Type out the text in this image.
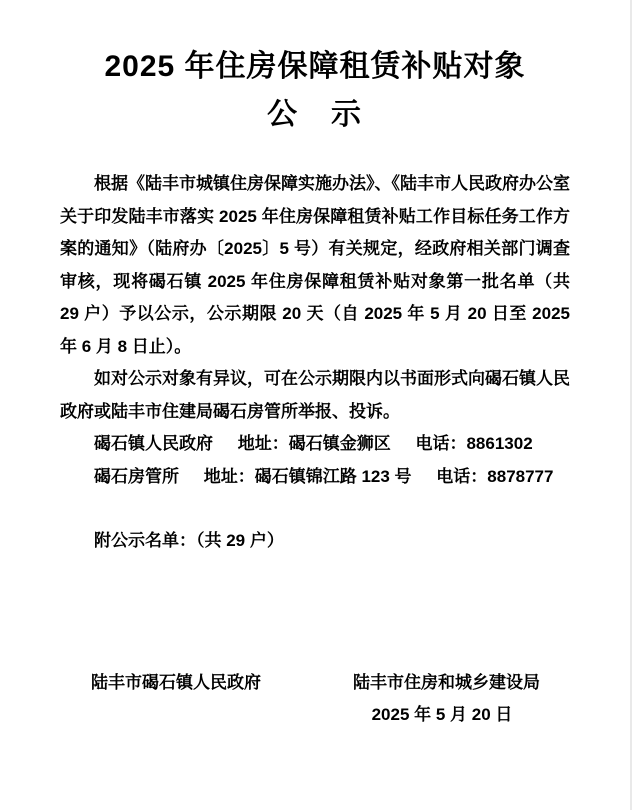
2025 年住房保障租赁补贴对象
公　示

根据《陆丰市城镇住房保障实施办法》、《陆丰市人民政府办公室关于印发陆丰市落实 2025 年住房保障租赁补贴工作目标任务工作方案的通知》（陆府办〔2025〕5 号）有关规定，经政府相关部门调查审核，现将碣石镇 2025 年住房保障租赁补贴对象第一批名单（共 29 户）予以公示，公示期限 20 天（自 2025 年 5 月 20 日至 2025 年 6 月 8 日止）。

如对公示对象有异议，可在公示期限内以书面形式向碣石镇人民政府或陆丰市住建局碣石房管所举报、投诉。

碣石镇人民政府 地址：碣石镇金狮区 电话：8861302
碣石房管所 地址：碣石镇锦江路 123 号 电话：8878777
附公示名单：（共 29 户）
陆丰市碣石镇人民政府	陆丰市住房和城乡建设局
2025 年 5 月 20 日
